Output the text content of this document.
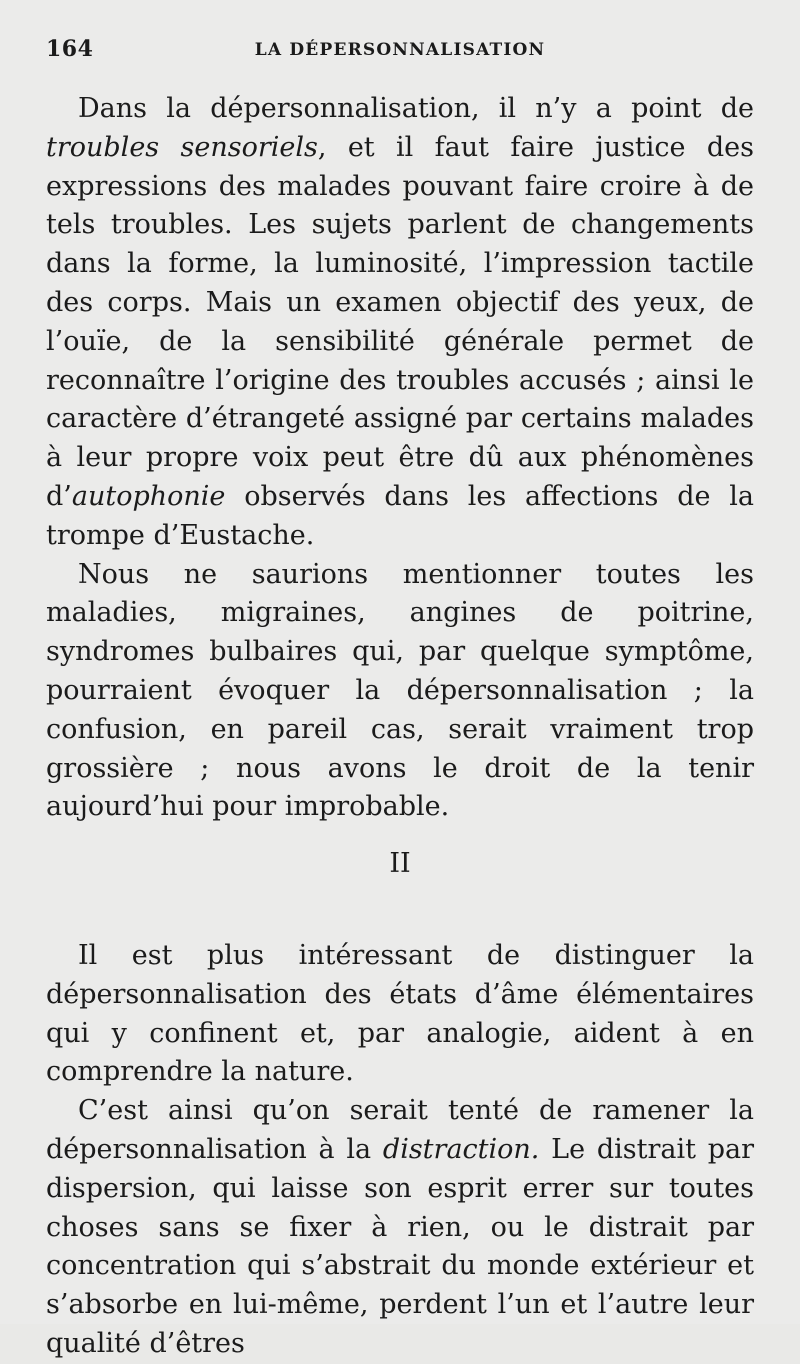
164	LA DÉPERSONNALISATION

Dans la dépersonnalisation, il n’y a point de troubles sensoriels, et il faut faire justice des expressions des malades pouvant faire croire à de tels troubles. Les sujets parlent de changements dans la forme, la luminosité, l’impression tactile des corps. Mais un examen objectif des yeux, de l’ouïe, de la sensibilité générale permet de reconnaître l’origine des troubles accusés ; ainsi le caractère d’étrangeté assigné par certains malades à leur propre voix peut être dû aux phénomènes d’autophonie observés dans les affections de la trompe d’Eustache.

Nous ne saurions mentionner toutes les maladies, migraines, angines de poitrine, syndromes bulbaires qui, par quelque symptôme, pourraient évoquer la dépersonnalisation ; la confusion, en pareil cas, serait vraiment trop grossière ; nous avons le droit de la tenir aujourd’hui pour improbable.

II

Il est plus intéressant de distinguer la dépersonnalisation des états d’âme élémentaires qui y confinent et, par analogie, aident à en comprendre la nature.

C’est ainsi qu’on serait tenté de ramener la dépersonnalisation à la distraction. Le distrait par dispersion, qui laisse son esprit errer sur toutes choses sans se fixer à rien, ou le distrait par concentration qui s’abstrait du monde extérieur et s’absorbe en lui-même, perdent l’un et l’autre leur qualité d’êtres
